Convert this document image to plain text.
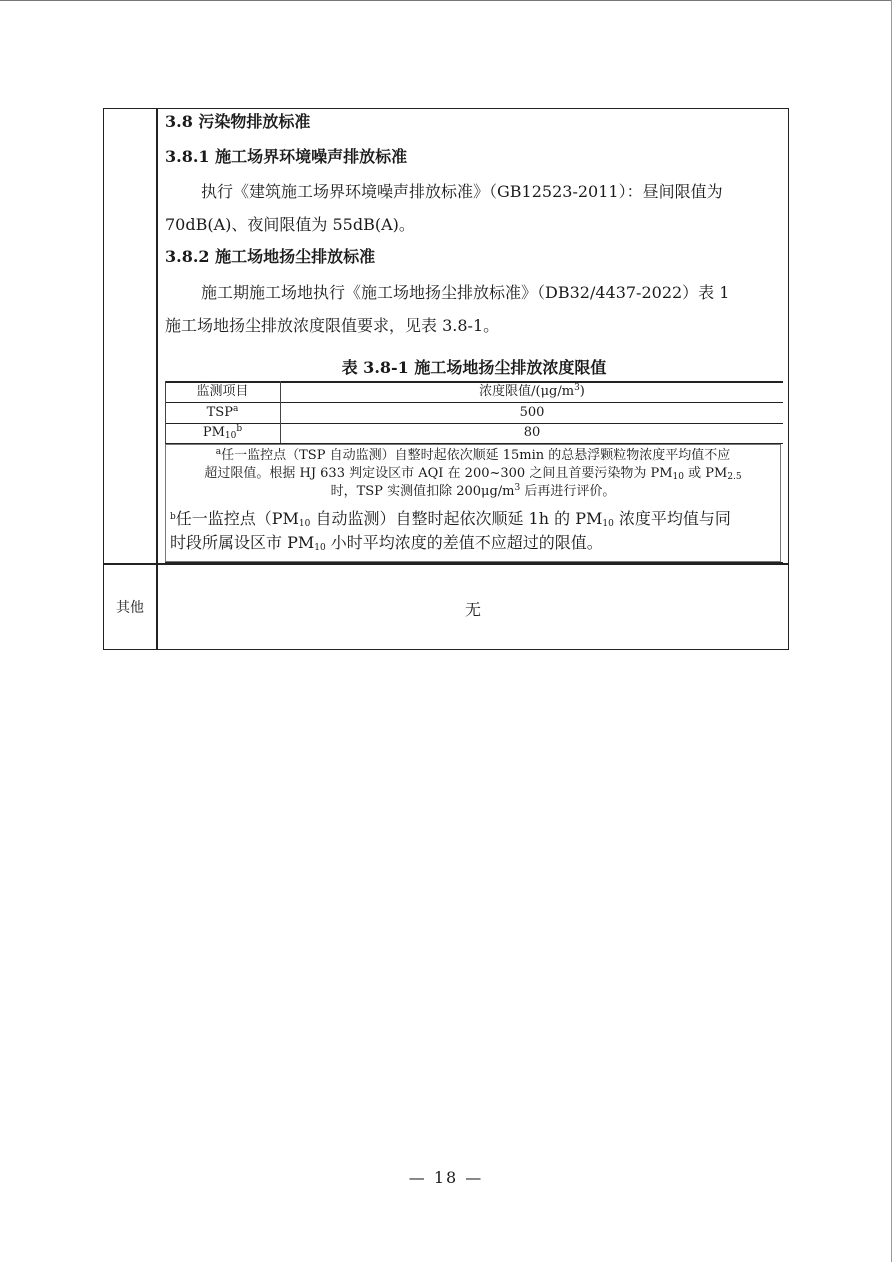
3.8 污染物排放标准
3.8.1 施工场界环境噪声排放标准
执行《建筑施工场界环境噪声排放标准》（GB12523-2011）：昼间限值为
70dB(A)、夜间限值为 55dB(A)。
3.8.2 施工场地扬尘排放标准
施工期施工场地执行《施工场地扬尘排放标准》（DB32/4437-2022）表 1
施工场地扬尘排放浓度限值要求，见表 3.8-1。
表 3.8-1 施工场地扬尘排放浓度限值
监测项目	浓度限值$/(\mu g/m^3)$
TSP$^a$	500
$PM_{10}^b$	80
$^a$任一监控点（TSP 自动监测）自整时起依次顺延 15min 的总悬浮颗粒物浓度平均值不应
超过限值。根据 HJ 633 判定设区市 AQI 在 200~300 之间且首要污染物为 $PM_{10}$ 或 $PM_{2.5}$
时，TSP 实测值扣除 $200\mu g/m^3$ 后再进行评价。
$^b$任一监控点（$PM_{10}$ 自动监测）自整时起依次顺延 1h 的 $PM_{10}$ 浓度平均值与同
时段所属设区市 $PM_{10}$ 小时平均浓度的差值不应超过的限值。
其他	无
— 18 —
